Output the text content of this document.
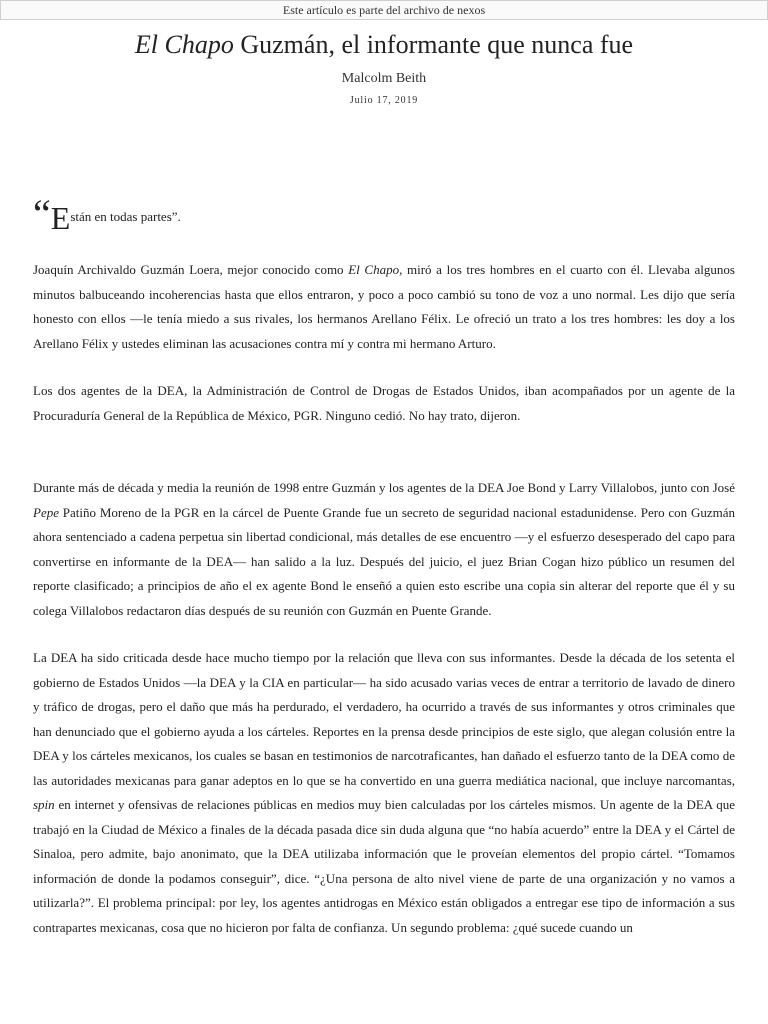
Este artículo es parte del archivo de nexos
El Chapo Guzmán, el informante que nunca fue
Malcolm Beith
Julio 17, 2019
“Están en todas partes”.

Joaquín Archivaldo Guzmán Loera, mejor conocido como El Chapo, miró a los tres hombres en el cuarto con él. Llevaba algunos minutos balbuceando incoherencias hasta que ellos entraron, y poco a poco cambió su tono de voz a uno normal. Les dijo que sería honesto con ellos —le tenía miedo a sus rivales, los hermanos Arellano Félix. Le ofreció un trato a los tres hombres: les doy a los Arellano Félix y ustedes eliminan las acusaciones contra mí y contra mi hermano Arturo.

Los dos agentes de la DEA, la Administración de Control de Drogas de Estados Unidos, iban acompañados por un agente de la Procuraduría General de la República de México, PGR. Ninguno cedió. No hay trato, dijeron.

Durante más de década y media la reunión de 1998 entre Guzmán y los agentes de la DEA Joe Bond y Larry Villalobos, junto con José Pepe Patiño Moreno de la PGR en la cárcel de Puente Grande fue un secreto de seguridad nacional estadunidense. Pero con Guzmán ahora sentenciado a cadena perpetua sin libertad condicional, más detalles de ese encuentro —y el esfuerzo desesperado del capo para convertirse en informante de la DEA— han salido a la luz. Después del juicio, el juez Brian Cogan hizo público un resumen del reporte clasificado; a principios de año el ex agente Bond le enseñó a quien esto escribe una copia sin alterar del reporte que él y su colega Villalobos redactaron días después de su reunión con Guzmán en Puente Grande.

La DEA ha sido criticada desde hace mucho tiempo por la relación que lleva con sus informantes. Desde la década de los setenta el gobierno de Estados Unidos —la DEA y la CIA en particular— ha sido acusado varias veces de entrar a territorio de lavado de dinero y tráfico de drogas, pero el daño que más ha perdurado, el verdadero, ha ocurrido a través de sus informantes y otros criminales que han denunciado que el gobierno ayuda a los cárteles. Reportes en la prensa desde principios de este siglo, que alegan colusión entre la DEA y los cárteles mexicanos, los cuales se basan en testimonios de narcotraficantes, han dañado el esfuerzo tanto de la DEA como de las autoridades mexicanas para ganar adeptos en lo que se ha convertido en una guerra mediática nacional, que incluye narcomantas, spin en internet y ofensivas de relaciones públicas en medios muy bien calculadas por los cárteles mismos. Un agente de la DEA que trabajó en la Ciudad de México a finales de la década pasada dice sin duda alguna que “no había acuerdo” entre la DEA y el Cártel de Sinaloa, pero admite, bajo anonimato, que la DEA utilizaba información que le proveían elementos del propio cártel. “Tomamos información de donde la podamos conseguir”, dice. “¿Una persona de alto nivel viene de parte de una organización y no vamos a utilizarla?”. El problema principal: por ley, los agentes antidrogas en México están obligados a entregar ese tipo de información a sus contrapartes mexicanas, cosa que no hicieron por falta de confianza. Un segundo problema: ¿qué sucede cuando un
